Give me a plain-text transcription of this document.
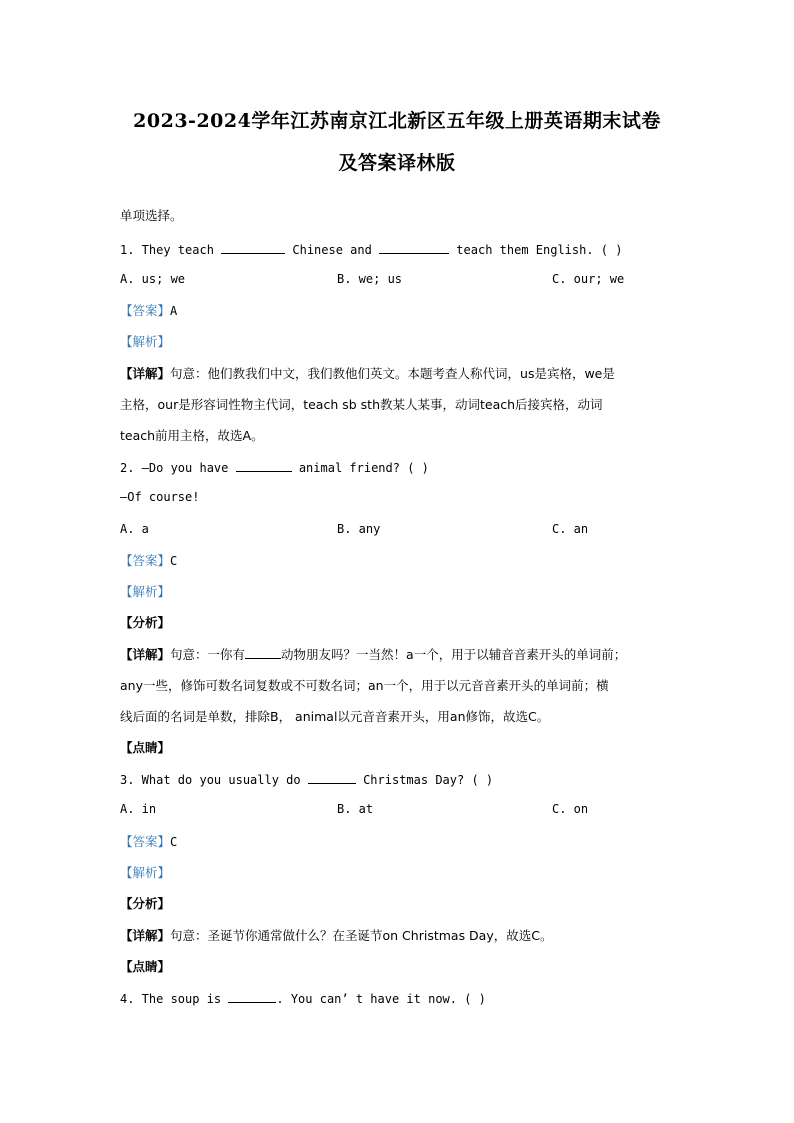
2023-2024学年江苏南京江北新区五年级上册英语期末试卷
及答案译林版
单项选择。
1. They teach	Chinese and	teach them English. ( )
A. us; we	B. we; us	C. our; we
【答案】A
【解析】
【详解】句意：他们教我们中文，我们教他们英文。本题考查人称代词，us是宾格，we是
主格，our是形容词性物主代词，teach sb sth教某人某事，动词teach后接宾格，动词
teach前用主格，故选A。
2. —Do you have	animal friend? ( )
—Of course!
A. a	B. any	C. an
【答案】C
【解析】
【分析】
【详解】句意：一你有	动物朋友吗？一当然！a一个，用于以辅音音素开头的单词前；
any一些，修饰可数名词复数或不可数名词；an一个，用于以元音音素开头的单词前；横
线后面的名词是单数，排除B， animal以元音音素开头，用an修饰，故选C。
【点睛】
3. What do you usually do	Christmas Day? ( )
A. in	B. at	C. on
【答案】C
【解析】
【分析】
【详解】句意：圣诞节你通常做什么？在圣诞节on Christmas Day，故选C。
【点睛】
4. The soup is	. You can’ t have it now. ( )
